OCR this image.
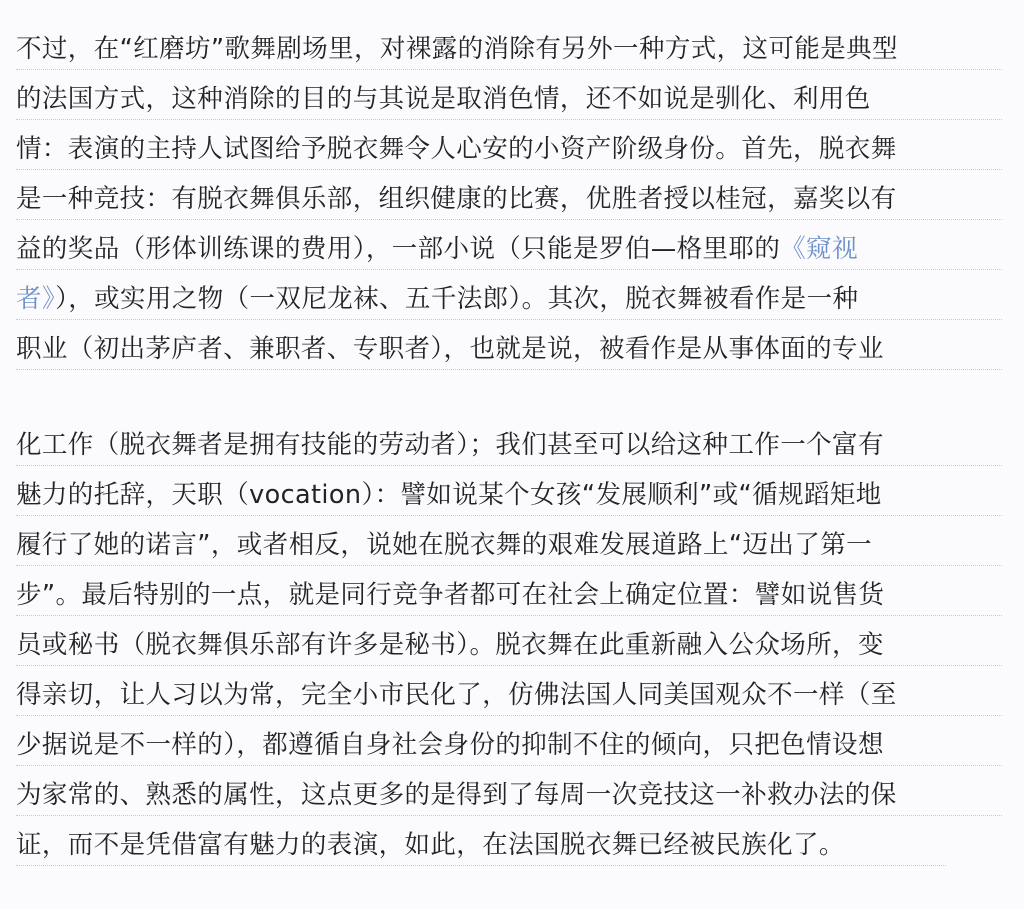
不过，在“红磨坊”歌舞剧场里，对裸露的消除有另外一种方式，这可能是典型
的法国方式，这种消除的目的与其说是取消色情，还不如说是驯化、利用色
情：表演的主持人试图给予脱衣舞令人心安的小资产阶级身份。首先，脱衣舞
是一种竞技：有脱衣舞俱乐部，组织健康的比赛，优胜者授以桂冠，嘉奖以有
益的奖品（形体训练课的费用），一部小说（只能是罗伯—格里耶的《窥视
者》），或实用之物（一双尼龙袜、五千法郎）。其次，脱衣舞被看作是一种
职业（初出茅庐者、兼职者、专职者），也就是说，被看作是从事体面的专业
化工作（脱衣舞者是拥有技能的劳动者）；我们甚至可以给这种工作一个富有
魅力的托辞，天职（vocation）：譬如说某个女孩“发展顺利”或“循规蹈矩地
履行了她的诺言”，或者相反，说她在脱衣舞的艰难发展道路上“迈出了第一
步”。最后特别的一点，就是同行竞争者都可在社会上确定位置：譬如说售货
员或秘书（脱衣舞俱乐部有许多是秘书）。脱衣舞在此重新融入公众场所，变
得亲切，让人习以为常，完全小市民化了，仿佛法国人同美国观众不一样（至
少据说是不一样的），都遵循自身社会身份的抑制不住的倾向，只把色情设想
为家常的、熟悉的属性，这点更多的是得到了每周一次竞技这一补救办法的保
证，而不是凭借富有魅力的表演，如此，在法国脱衣舞已经被民族化了。
